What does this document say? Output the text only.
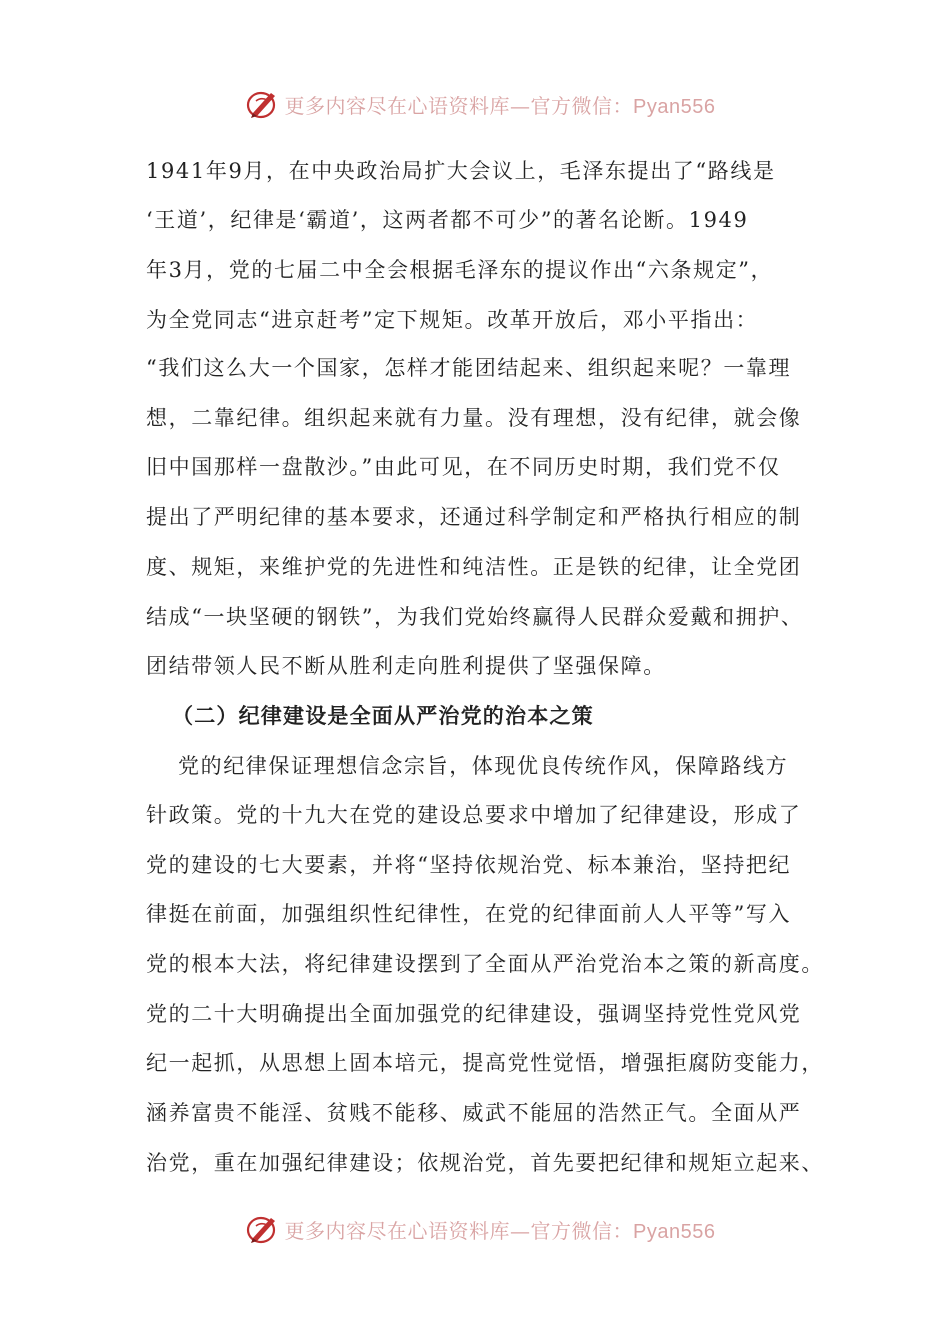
更多内容尽在心语资料库—官方微信：Pyan556
1941年9月，在中央政治局扩大会议上，毛泽东提出了“路线是
‘王道’，纪律是‘霸道’，这两者都不可少”的著名论断。1949
年3月，党的七届二中全会根据毛泽东的提议作出“六条规定”，
为全党同志“进京赶考”定下规矩。改革开放后，邓小平指出：
“我们这么大一个国家，怎样才能团结起来、组织起来呢？一靠理
想，二靠纪律。组织起来就有力量。没有理想，没有纪律，就会像
旧中国那样一盘散沙。”由此可见，在不同历史时期，我们党不仅
提出了严明纪律的基本要求，还通过科学制定和严格执行相应的制
度、规矩，来维护党的先进性和纯洁性。正是铁的纪律，让全党团
结成“一块坚硬的钢铁”，为我们党始终赢得人民群众爱戴和拥护、
团结带领人民不断从胜利走向胜利提供了坚强保障。
（二）纪律建设是全面从严治党的治本之策
党的纪律保证理想信念宗旨，体现优良传统作风，保障路线方
针政策。党的十九大在党的建设总要求中增加了纪律建设，形成了
党的建设的七大要素，并将“坚持依规治党、标本兼治，坚持把纪
律挺在前面，加强组织性纪律性，在党的纪律面前人人平等”写入
党的根本大法，将纪律建设摆到了全面从严治党治本之策的新高度。
党的二十大明确提出全面加强党的纪律建设，强调坚持党性党风党
纪一起抓，从思想上固本培元，提高党性觉悟，增强拒腐防变能力，
涵养富贵不能淫、贫贱不能移、威武不能屈的浩然正气。全面从严
治党，重在加强纪律建设；依规治党，首先要把纪律和规矩立起来、
更多内容尽在心语资料库—官方微信：Pyan556
